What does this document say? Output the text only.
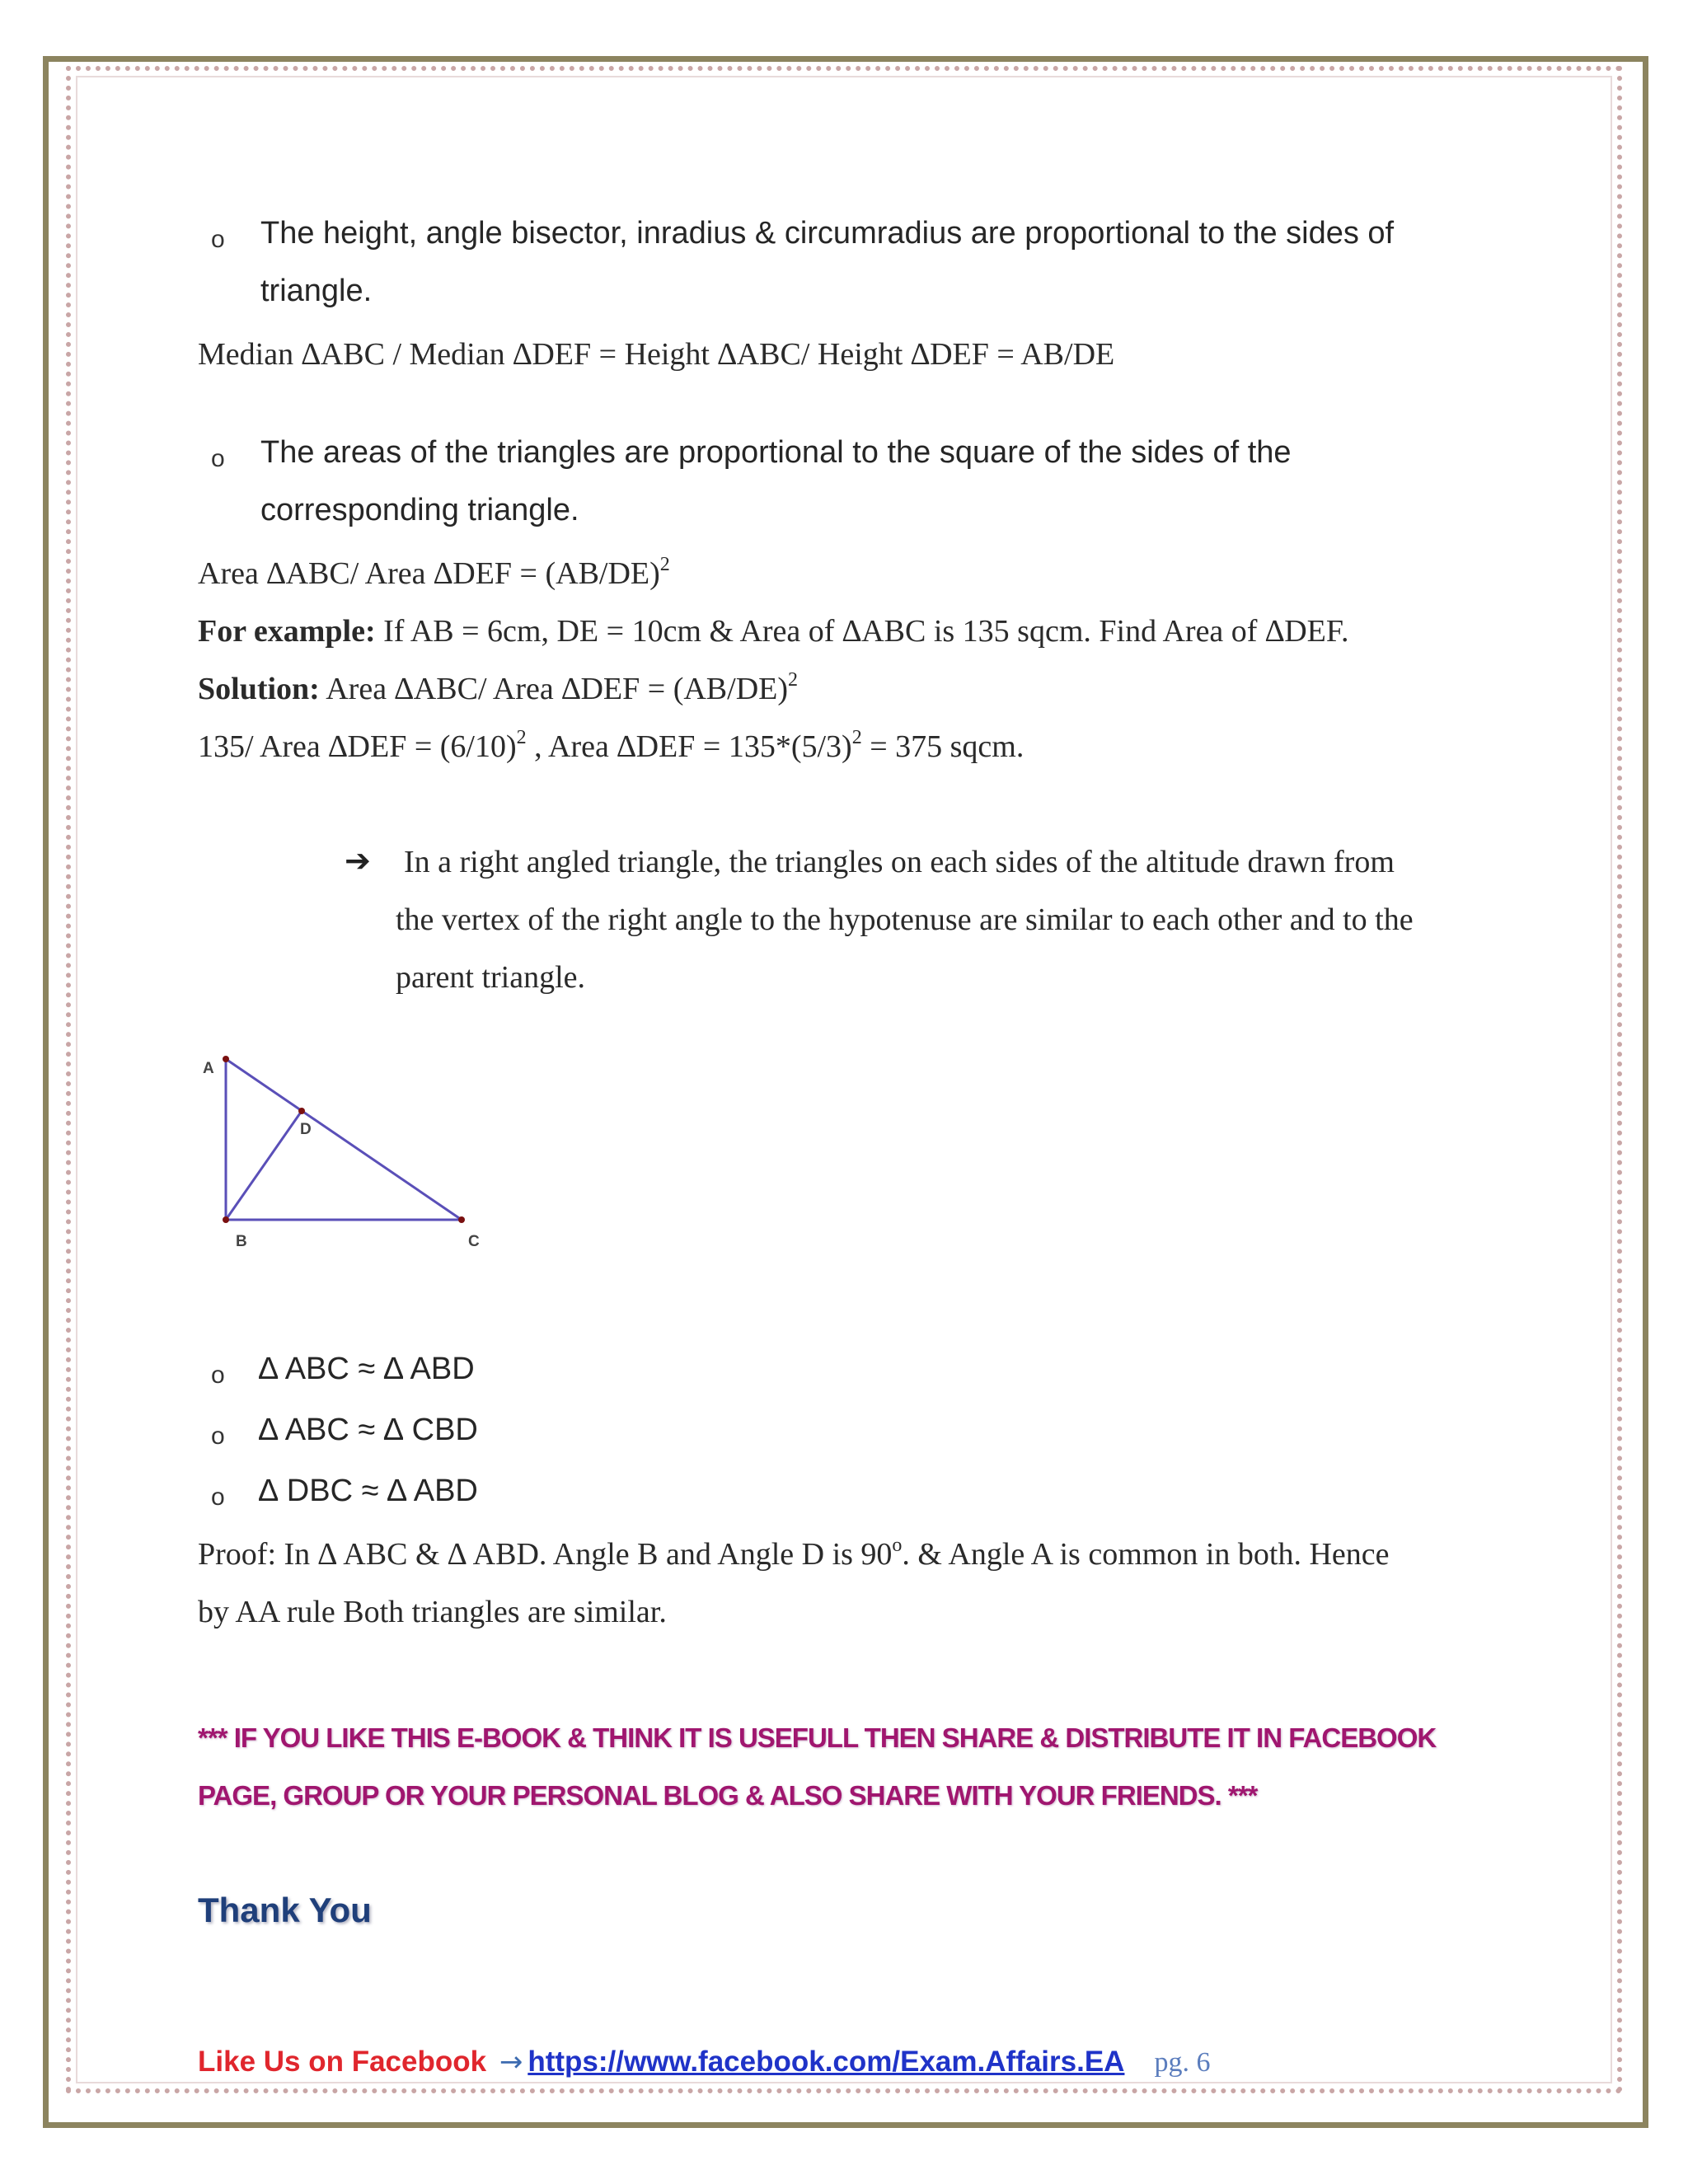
o The height, angle bisector, inradius & circumradius are proportional to the sides of
triangle.
Median ∆ABC / Median ∆DEF = Height ∆ABC/ Height ∆DEF = AB/DE
o The areas of the triangles are proportional to the square of the sides of the
corresponding triangle.
Area ∆ABC/ Area $\Delta DEF = (AB/DE)^2$
For example: If AB = 6cm, DE = 10cm & Area of ∆ABC is 135 sqcm. Find Area of ∆DEF.
Solution: Area ∆ABC/ Area $\Delta DEF = (AB/DE)^2$
135/ Area $\Delta DEF = (6/10)^2$ , Area $\Delta DEF = 135*(5/3)^2 = 375$ sqcm.
➔ In a right angled triangle, the triangles on each sides of the altitude drawn from
the vertex of the right angle to the hypotenuse are similar to each other and to the
parent triangle.
A
D
B	C
o ∆ ABC ≈ ∆ ABD
o ∆ ABC ≈ ∆ CBD
o ∆ DBC ≈ ∆ ABD
Proof: In ∆ ABC & ∆ ABD. Angle B and Angle D is 90$^o$. & Angle A is common in both. Hence
by AA rule Both triangles are similar.
*** IF YOU LIKE THIS E-BOOK & THINK IT IS USEFULL THEN SHARE & DISTRIBUTE IT IN FACEBOOK
PAGE, GROUP OR YOUR PERSONAL BLOG & ALSO SHARE WITH YOUR FRIENDS. ***
Thank You
Like Us on Facebook → https://www.facebook.com/Exam.Affairs.EA pg. 6
